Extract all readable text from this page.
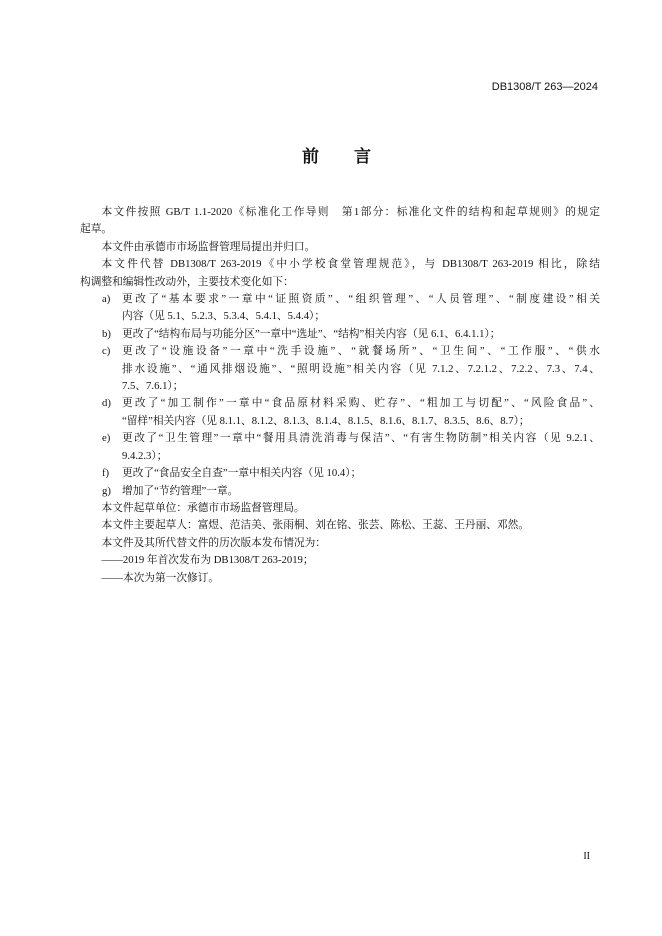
DB1308/T 263—2024
前　言
本文件按照 GB/T 1.1-2020《标准化工作导则　第1部分：标准化文件的结构和起草规则》的规定
起草。
本文件由承德市市场监督管理局提出并归口。
本文件代替 DB1308/T 263-2019《中小学校食堂管理规范》，与 DB1308/T 263-2019 相比，除结
构调整和编辑性改动外，主要技术变化如下：
a) 更改了“基本要求”一章中“证照资质”、“组织管理”、“人员管理”、“制度建设”相关
内容（见 5.1、5.2.3、5.3.4、5.4.1、5.4.4）；
b) 更改了“结构布局与功能分区”一章中“选址”、“结构”相关内容（见 6.1、6.4.1.1）；
c) 更改了“设施设备”一章中“洗手设施”、“就餐场所”、“卫生间”、“工作服”、“供水
排水设施”、“通风排烟设施”、“照明设施”相关内容（见 7.1.2、7.2.1.2、7.2.2、7.3、7.4、
7.5、7.6.1）；
d) 更改了“加工制作”一章中“食品原材料采购、贮存”、“粗加工与切配”、“风险食品”、
“留样”相关内容（见 8.1.1、8.1.2、8.1.3、8.1.4、8.1.5、8.1.6、8.1.7、8.3.5、8.6、8.7）；
e) 更改了“卫生管理”一章中“餐用具清洗消毒与保洁”、“有害生物防制”相关内容（见 9.2.1、
9.4.2.3）；
f) 更改了“食品安全自查”一章中相关内容（见 10.4）；
g) 增加了“节约管理”一章。
本文件起草单位：承德市市场监督管理局。
本文件主要起草人：富煜、范洁美、张雨桐、刘在铭、张芸、陈松、王蕊、王丹丽、邓然。
本文件及其所代替文件的历次版本发布情况为：
——2019 年首次发布为 DB1308/T 263-2019；
——本次为第一次修订。
II
